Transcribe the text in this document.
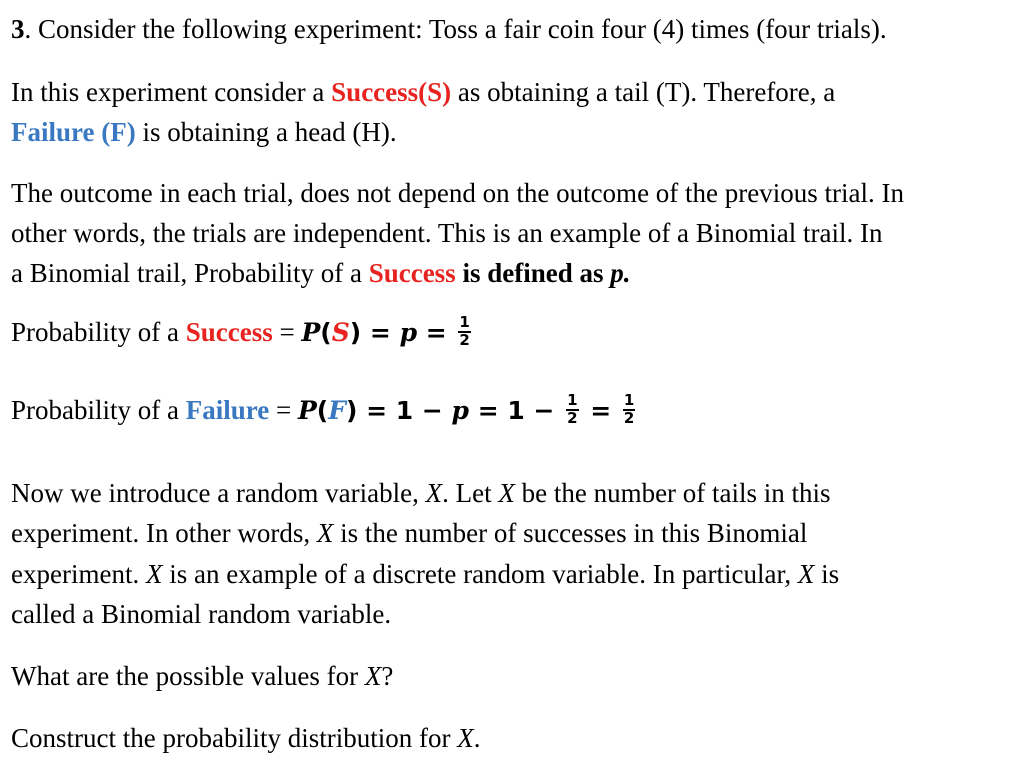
3. Consider the following experiment: Toss a fair coin four (4) times (four trials).
In this experiment consider a Success(S) as obtaining a tail (T). Therefore, a
Failure (F) is obtaining a head (H).
The outcome in each trial, does not depend on the outcome of the previous trial. In
other words, the trials are independent. This is an example of a Binomial trail. In
a Binomial trail, Probability of a Success is defined as p.
Probability of a Success = $P(S) = p = \frac{1}{2}$
Probability of a Failure = $P(F) = 1 - p = 1 - \frac{1}{2} = \frac{1}{2}$
Now we introduce a random variable, X. Let X be the number of tails in this
experiment. In other words, X is the number of successes in this Binomial
experiment. X is an example of a discrete random variable. In particular, X is
called a Binomial random variable.
What are the possible values for X?
Construct the probability distribution for X.
